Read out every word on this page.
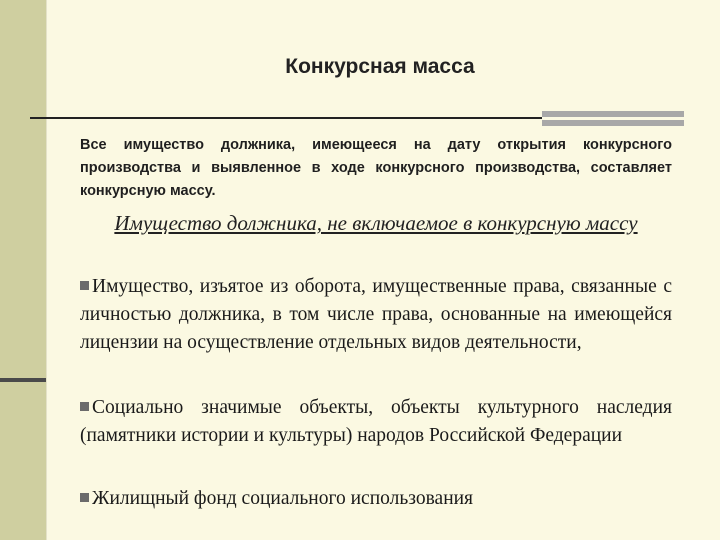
Конкурсная масса
Все имущество должника, имеющееся на дату открытия конкурсного производства и выявленное в ходе конкурсного производства, составляет конкурсную массу.
Имущество должника, не включаемое в конкурсную массу
Имущество, изъятое из оборота, имущественные права, связанные с личностью должника, в том числе права, основанные на имеющейся лицензии на осуществление отдельных видов деятельности,
Социально значимые объекты, объекты культурного наследия (памятники истории и культуры) народов Российской Федерации
Жилищный фонд социального использования
